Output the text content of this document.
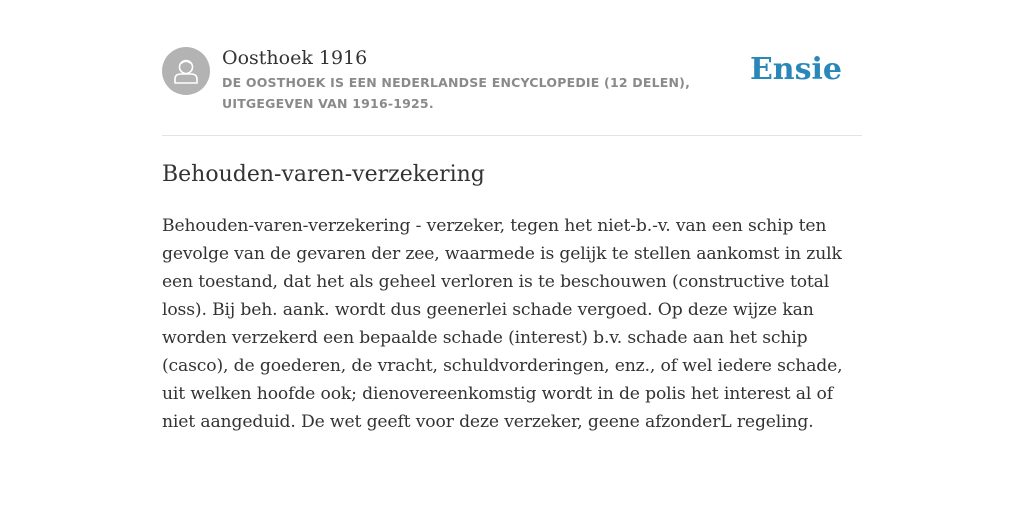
Oosthoek 1916
DE OOSTHOEK IS EEN NEDERLANDSE ENCYCLOPEDIE (12 DELEN), UITGEGEVEN VAN 1916-1925.
Ensie
Behouden-varen-verzekering

Behouden-varen-verzekering - verzeker, tegen het niet-b.-v. van een schip ten gevolge van de gevaren der zee, waarmede is gelijk te stellen aankomst in zulk een toestand, dat het als geheel verloren is te beschouwen (constructive total loss). Bij beh. aank. wordt dus geenerlei schade vergoed. Op deze wijze kan worden verzekerd een bepaalde schade (interest) b.v. schade aan het schip (casco), de goederen, de vracht, schuldvorderingen, enz., of wel iedere schade, uit welken hoofde ook; dienovereenkomstig wordt in de polis het interest al of niet aangeduid. De wet geeft voor deze verzeker, geene afzonderL regeling.
